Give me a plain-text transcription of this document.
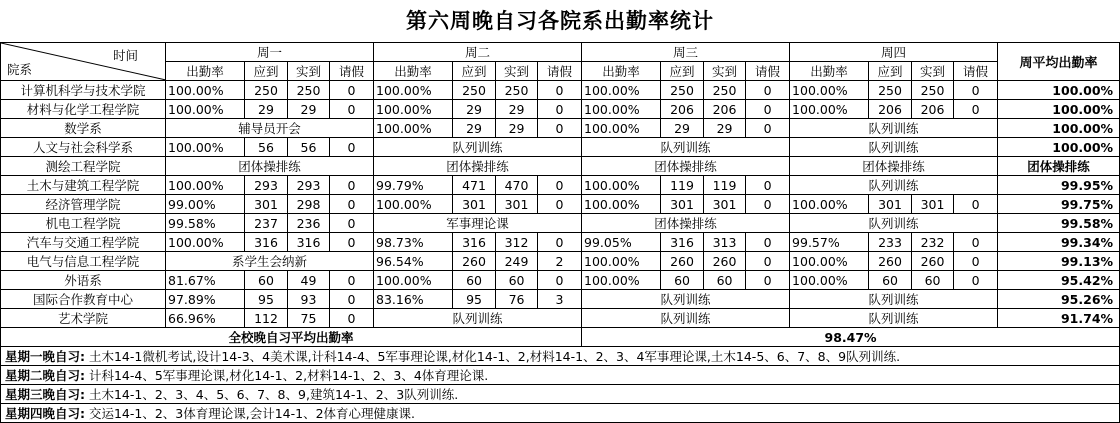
第六周晚自习各院系出勤率统计
院系
时间	周一				周二				周三				周四				周平均出勤率
	出勤率	应到	实到	请假	出勤率	应到	实到	请假	出勤率	应到	实到	请假	出勤率	应到	实到	请假	
计算机科学与技术学院	100.00%	250	250	0	100.00%	250	250	0	100.00%	250	250	0	100.00%	250	250	0	100.00%
材料与化学工程学院	100.00%	29	29	0	100.00%	29	29	0	100.00%	206	206	0	100.00%	206	206	0	100.00%
数学系	辅导员开会				100.00%	29	29	0	100.00%	29	29	0	队列训练				100.00%
人文与社会科学系	100.00%	56	56	0	队列训练				队列训练				队列训练				100.00%
测绘工程学院	团体操排练				团体操排练				团体操排练				团体操排练				团体操排练
土木与建筑工程学院	100.00%	293	293	0	99.79%	471	470	0	100.00%	119	119	0	队列训练				99.95%
经济管理学院	99.00%	301	298	0	100.00%	301	301	0	100.00%	301	301	0	100.00%	301	301	0	99.75%
机电工程学院	99.58%	237	236	0	军事理论课				团体操排练				队列训练				99.58%
汽车与交通工程学院	100.00%	316	316	0	98.73%	316	312	0	99.05%	316	313	0	99.57%	233	232	0	99.34%
电气与信息工程学院	系学生会纳新				96.54%	260	249	2	100.00%	260	260	0	100.00%	260	260	0	99.13%
外语系	81.67%	60	49	0	100.00%	60	60	0	100.00%	60	60	0	100.00%	60	60	0	95.42%
国际合作教育中心	97.89%	95	93	0	83.16%	95	76	3	队列训练				队列训练				95.26%
艺术学院	66.96%	112	75	0	队列训练				队列训练				队列训练				91.74%
全校晚自习平均出勤率									98.47%								
星期一晚自习: 土木14-1微机考试,设计14-3、4美术课,计科14-4、5军事理论课,材化14-1、2,材料14-1、2、3、4军事理论课,土木14-5、6、7、8、9队列训练.																	
星期二晚自习: 计科14-4、5军事理论课,材化14-1、2,材料14-1、2、3、4体育理论课.																	
星期三晚自习: 土木14-1、2、3、4、5、6、7、8、9,建筑14-1、2、3队列训练.																	
星期四晚自习: 交运14-1、2、3体育理论课,会计14-1、2体育心理健康课.																	
